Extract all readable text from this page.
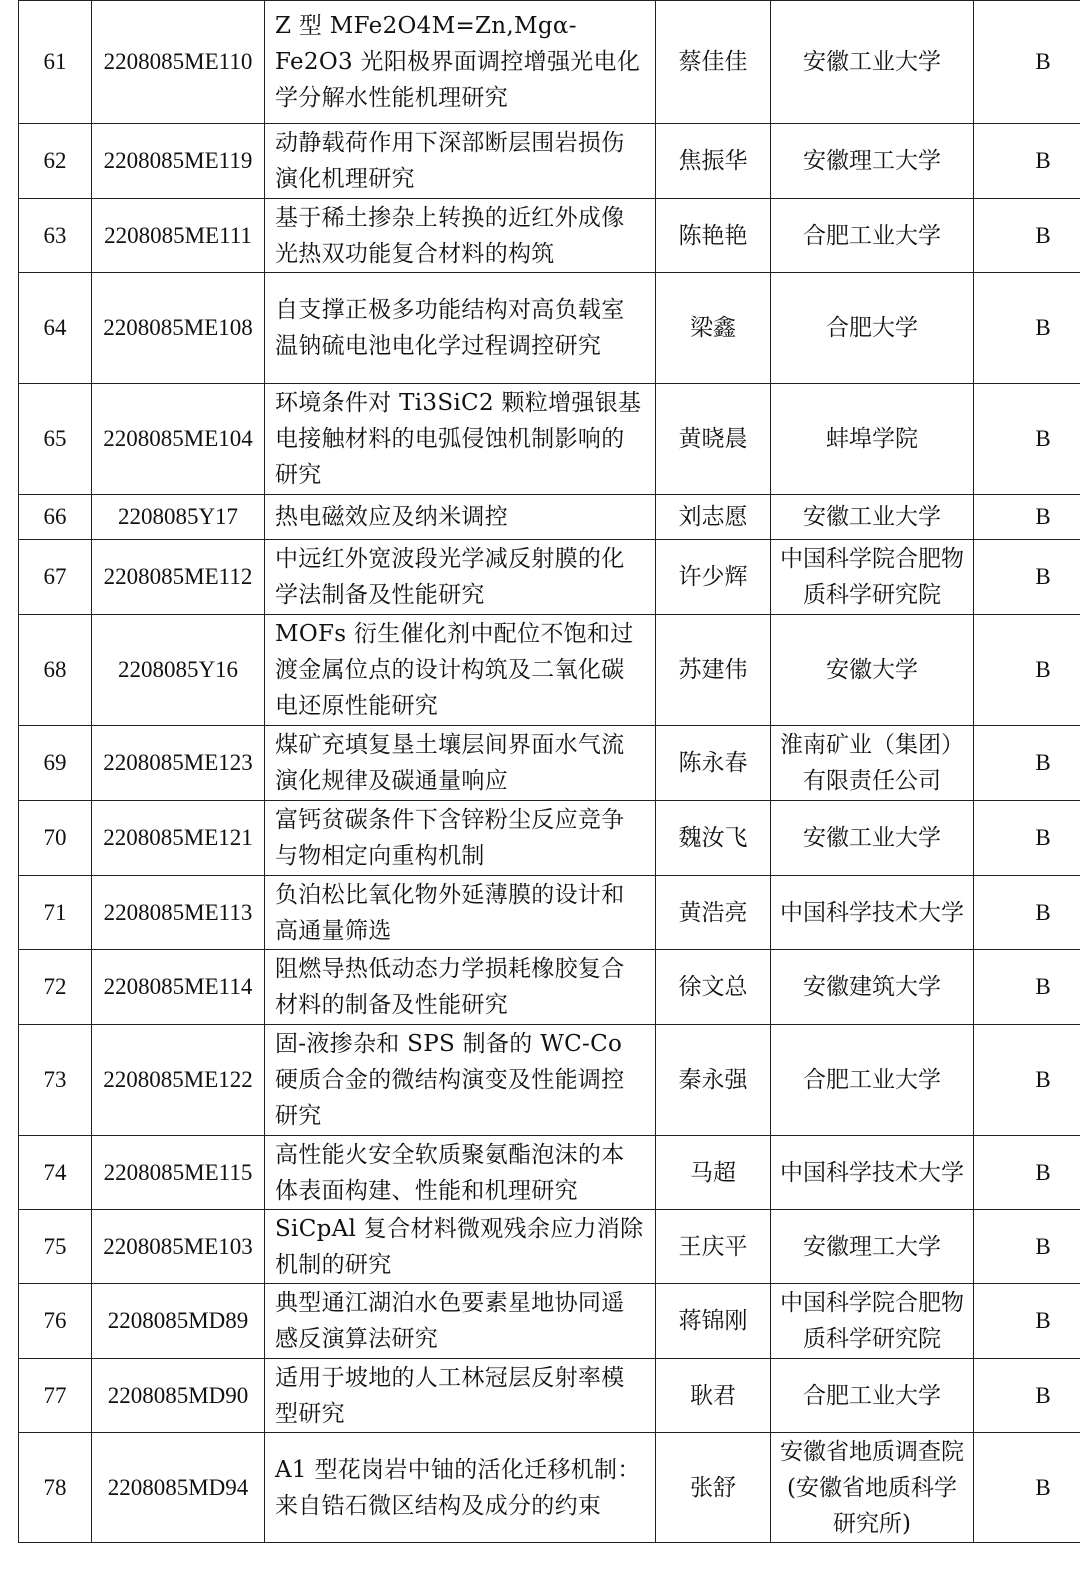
61	2208085ME110	Z 型 MFe2O4M=Zn,Mgα-Fe2O3 光阳极界面调控增强光电化学分解水性能机理研究	蔡佳佳	安徽工业大学	B
62	2208085ME119	动静载荷作用下深部断层围岩损伤演化机理研究	焦振华	安徽理工大学	B
63	2208085ME111	基于稀土掺杂上转换的近红外成像光热双功能复合材料的构筑	陈艳艳	合肥工业大学	B
64	2208085ME108	自支撑正极多功能结构对高负载室温钠硫电池电化学过程调控研究	梁鑫	合肥大学	B
65	2208085ME104	环境条件对 Ti3SiC2 颗粒增强银基电接触材料的电弧侵蚀机制影响的研究	黄晓晨	蚌埠学院	B
66	2208085Y17	热电磁效应及纳米调控	刘志愿	安徽工业大学	B
67	2208085ME112	中远红外宽波段光学减反射膜的化学法制备及性能研究	许少辉	中国科学院合肥物质科学研究院	B
68	2208085Y16	MOFs 衍生催化剂中配位不饱和过渡金属位点的设计构筑及二氧化碳电还原性能研究	苏建伟	安徽大学	B
69	2208085ME123	煤矿充填复垦土壤层间界面水气流演化规律及碳通量响应	陈永春	淮南矿业（集团）有限责任公司	B
70	2208085ME121	富钙贫碳条件下含锌粉尘反应竞争与物相定向重构机制	魏汝飞	安徽工业大学	B
71	2208085ME113	负泊松比氧化物外延薄膜的设计和高通量筛选	黄浩亮	中国科学技术大学	B
72	2208085ME114	阻燃导热低动态力学损耗橡胶复合材料的制备及性能研究	徐文总	安徽建筑大学	B
73	2208085ME122	固-液掺杂和 SPS 制备的 WC-Co 硬质合金的微结构演变及性能调控研究	秦永强	合肥工业大学	B
74	2208085ME115	高性能火安全软质聚氨酯泡沫的本体表面构建、性能和机理研究	马超	中国科学技术大学	B
75	2208085ME103	SiCpAl 复合材料微观残余应力消除机制的研究	王庆平	安徽理工大学	B
76	2208085MD89	典型通江湖泊水色要素星地协同遥感反演算法研究	蒋锦刚	中国科学院合肥物质科学研究院	B
77	2208085MD90	适用于坡地的人工林冠层反射率模型研究	耿君	合肥工业大学	B
78	2208085MD94	A1 型花岗岩中铀的活化迁移机制：来自锆石微区结构及成分的约束	张舒	安徽省地质调查院(安徽省地质科学研究所)	B
